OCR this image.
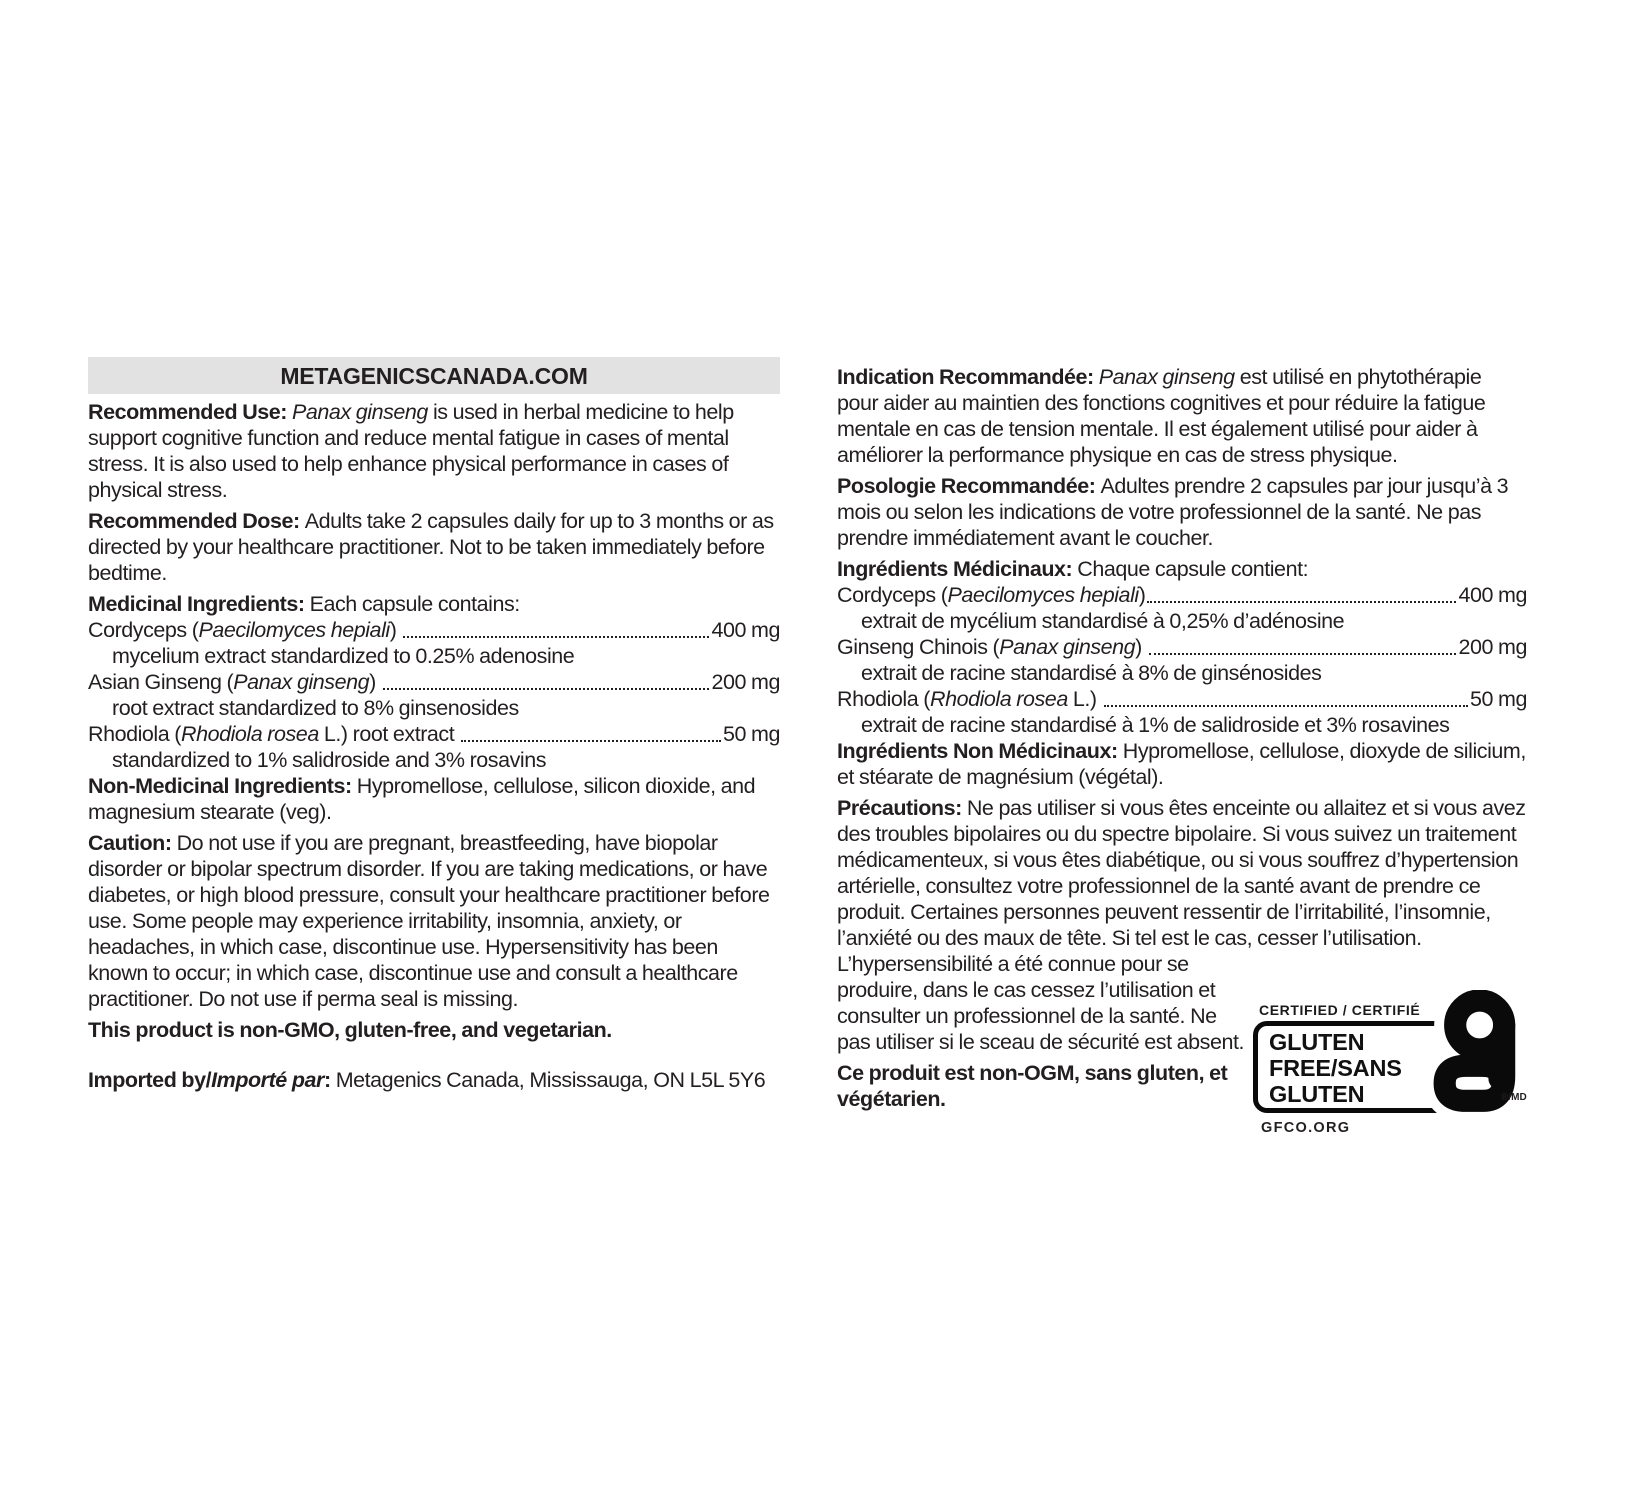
METAGENICSCANADA.COM

Recommended Use: Panax ginseng is used in herbal medicine to help support cognitive function and reduce mental fatigue in cases of mental stress. It is also used to help enhance physical performance in cases of physical stress.

Recommended Dose: Adults take 2 capsules daily for up to 3 months or as directed by your healthcare practitioner. Not to be taken immediately before bedtime.

Medicinal Ingredients: Each capsule contains:

Cordyceps ( Paecilomyces hepiali )	400 mg

mycelium extract standardized to 0.25% adenosine

Asian Ginseng ( Panax ginseng )	200 mg

root extract standardized to 8% ginsenosides

Rhodiola ( Rhodiola rosea L.) root extract	50 mg

standardized to 1% salidroside and 3% rosavins

Non-Medicinal Ingredients: Hypromellose, cellulose, silicon dioxide, and magnesium stearate (veg).

Caution: Do not use if you are pregnant, breastfeeding, have biopolar disorder or bipolar spectrum disorder. If you are taking medications, or have diabetes, or high blood pressure, consult your healthcare practitioner before use. Some people may experience irritability, insomnia, anxiety, or headaches, in which case, discontinue use. Hypersensitivity has been known to occur; in which case, discontinue use and consult a healthcare practitioner. Do not use if perma seal is missing.

This product is non-GMO, gluten-free, and vegetarian.

Imported by/Importé par: Metagenics Canada, Mississauga, ON L5L 5Y6

Indication Recommandée: Panax ginseng est utilisé en phytothérapie pour aider au maintien des fonctions cognitives et pour réduire la fatigue mentale en cas de tension mentale. Il est également utilisé pour aider à améliorer la performance physique en cas de stress physique.

Posologie Recommandée: Adultes prendre 2 capsules par jour jusqu’à 3 mois ou selon les indications de votre professionnel de la santé. Ne pas prendre immédiatement avant le coucher.

Ingrédients Médicinaux: Chaque capsule contient:

Cordyceps ( Paecilomyces hepiali )	400 mg

extrait de mycélium standardisé à 0,25% d’adénosine

Ginseng Chinois ( Panax ginseng )	200 mg

extrait de racine standardisé à 8% de ginsénosides

Rhodiola ( Rhodiola rosea L.)	50 mg

extrait de racine standardisé à 1% de salidroside et 3% rosavines

Ingrédients Non Médicinaux: Hypromellose, cellulose, dioxyde de silicium, et stéarate de magnésium (végétal).

Précautions: Ne pas utiliser si vous êtes enceinte ou allaitez et si vous avez des troubles bipolaires ou du spectre bipolaire. Si vous suivez un traitement médicamenteux, si vous êtes diabétique, ou si vous souffrez d’hypertension artérielle, consultez votre professionnel de la santé avant de prendre ce produit. Certaines personnes peuvent ressentir de l’irritabilité, l’insomnie, l’anxiété ou des maux de tête. Si tel est le cas, cesser l’utilisation. L’hypersensibilité a été connue pour se produire, dans le cas cessez l’utilisation et consulter un professionnel de la santé. Ne pas utiliser si le sceau de sécurité est absent.

Ce produit est non-OGM, sans gluten, et végétarien.

CERTIFIED / CERTIFIÉ
GLUTEN
FREE/SANS
GLUTEN	®/MD
GFCO.ORG
